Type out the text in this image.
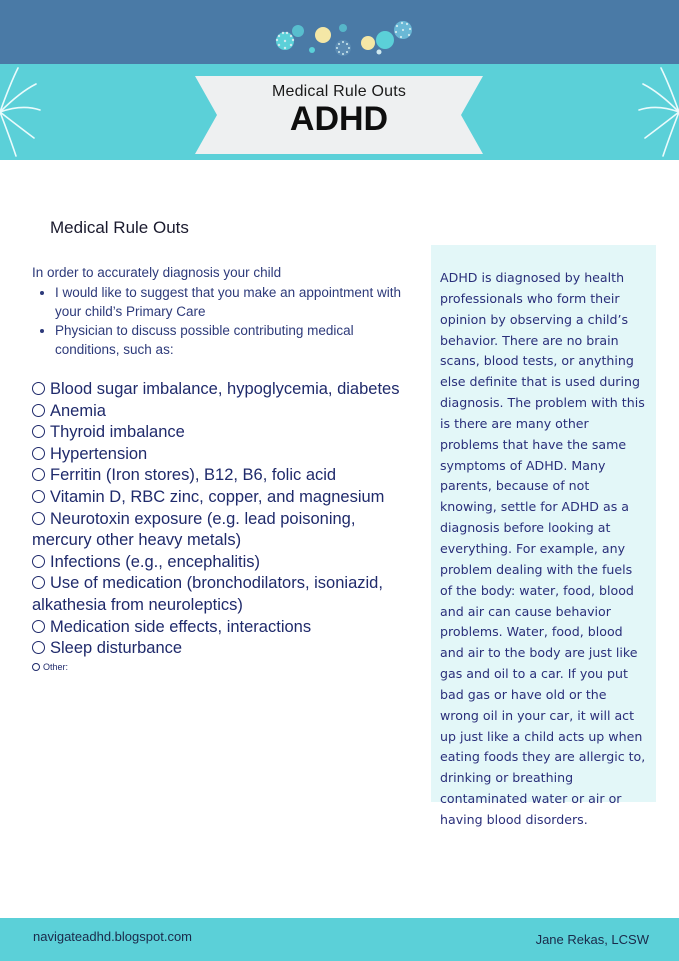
Medical Rule Outs
ADHD
Medical Rule Outs
In order to accurately diagnosis your child
• I would like to suggest that you make an appointment with your child’s Primary Care
• Physician to discuss possible contributing medical conditions, such as:
Blood sugar imbalance, hypoglycemia, diabetes
Anemia
Thyroid imbalance
Hypertension
Ferritin (Iron stores), B12, B6, folic acid
Vitamin D, RBC zinc, copper, and magnesium
Neurotoxin exposure (e.g. lead poisoning, mercury other heavy metals)
Infections (e.g., encephalitis)
Use of medication (bronchodilators, isoniazid, alkathesia from neuroleptics)
Medication side effects, interactions
Sleep disturbance
Other:

ADHD is diagnosed by health professionals who form their opinion by observing a child’s behavior. There are no brain scans, blood tests, or anything else definite that is used during diagnosis. The problem with this is there are many other problems that have the same symptoms of ADHD. Many parents, because of not knowing, settle for ADHD as a diagnosis before looking at everything. For example, any problem dealing with the fuels of the body: water, food, blood and air can cause behavior problems. Water, food, blood and air to the body are just like gas and oil to a car. If you put bad gas or have old or the wrong oil in your car, it will act up just like a child acts up when eating foods they are allergic to, drinking or breathing contaminated water or air or having blood disorders.

navigateadhd.blogspot.com	Jane Rekas, LCSW
